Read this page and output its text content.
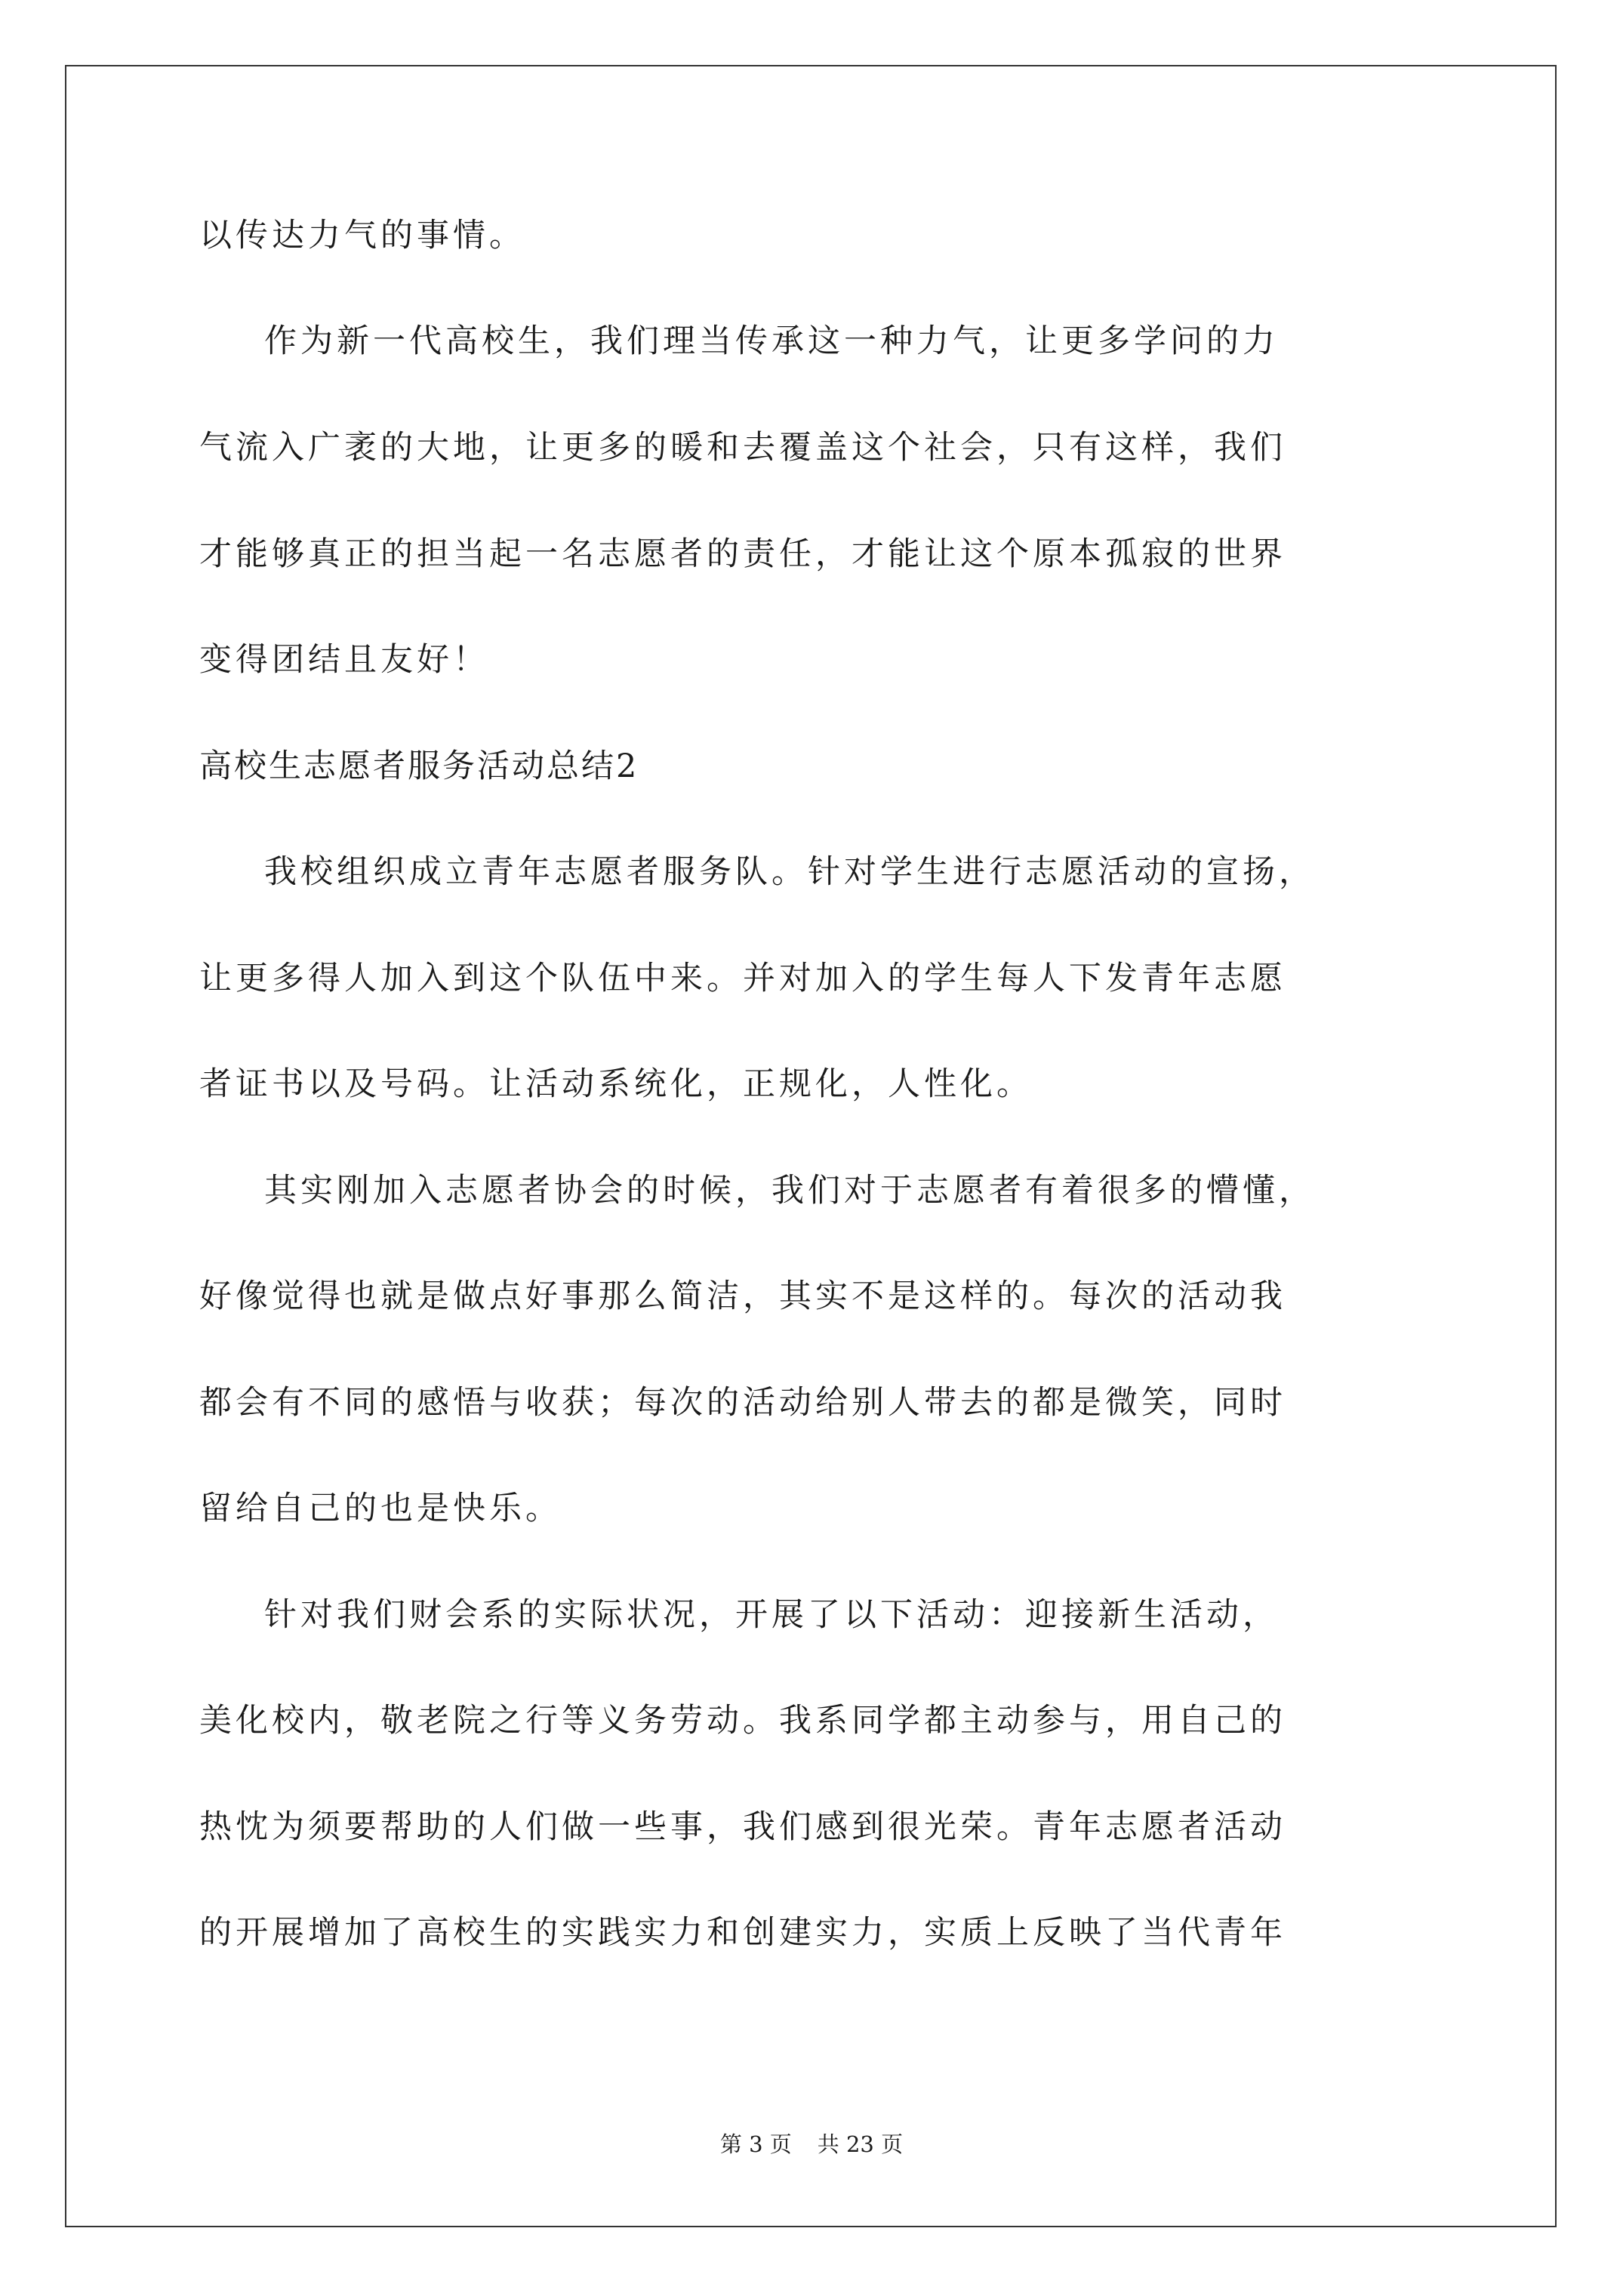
以传达力气的事情。
作为新一代高校生，我们理当传承这一种力气，让更多学问的力
气流入广袤的大地，让更多的暖和去覆盖这个社会，只有这样，我们
才能够真正的担当起一名志愿者的责任，才能让这个原本孤寂的世界
变得团结且友好！
高校生志愿者服务活动总结2
我校组织成立青年志愿者服务队。针对学生进行志愿活动的宣扬，
让更多得人加入到这个队伍中来。并对加入的学生每人下发青年志愿
者证书以及号码。让活动系统化，正规化，人性化。
其实刚加入志愿者协会的时候，我们对于志愿者有着很多的懵懂，
好像觉得也就是做点好事那么简洁，其实不是这样的。每次的活动我
都会有不同的感悟与收获；每次的活动给别人带去的都是微笑，同时
留给自己的也是快乐。
针对我们财会系的实际状况，开展了以下活动：迎接新生活动，
美化校内，敬老院之行等义务劳动。我系同学都主动参与，用自己的
热忱为须要帮助的人们做一些事，我们感到很光荣。青年志愿者活动
的开展增加了高校生的实践实力和创建实力，实质上反映了当代青年
第 3 页 共 23 页
